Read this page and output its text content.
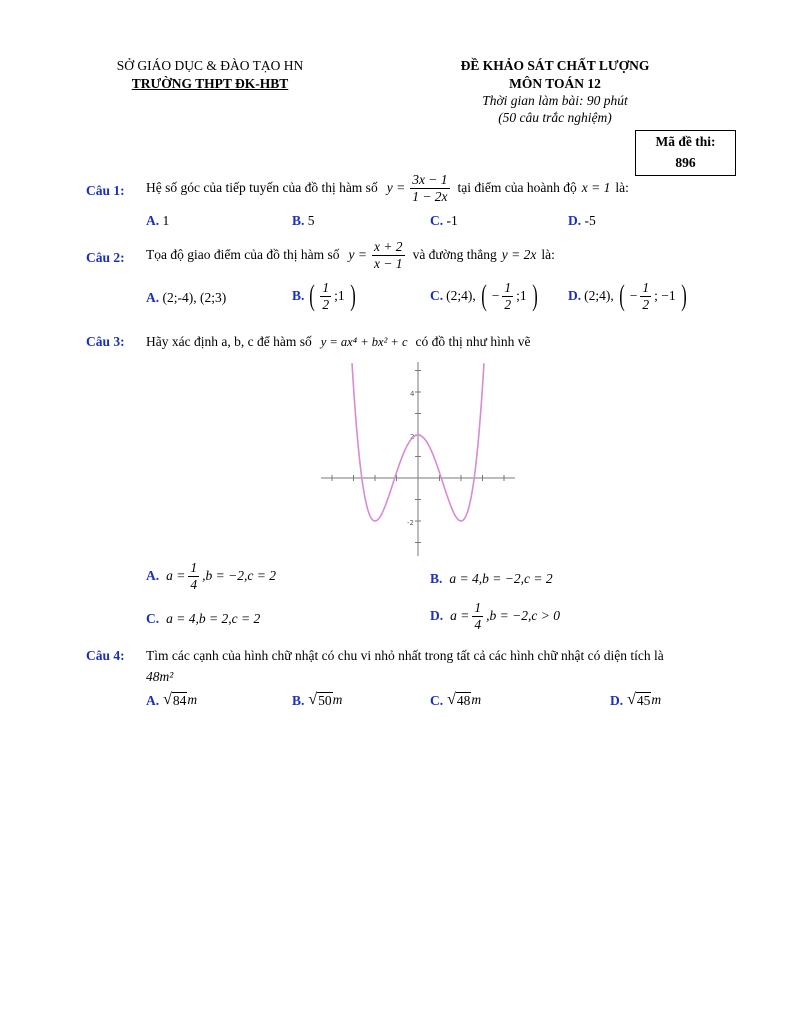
SỞ GIÁO DỤC & ĐÀO TẠO HN
TRƯỜNG THPT ĐK-HBT
ĐỀ KHẢO SÁT CHẤT LƯỢNG
MÔN TOÁN 12
Thời gian làm bài: 90 phút
(50 câu trắc nghiệm)
Mã đề thi:
896
Câu 1: Hệ số góc của tiếp tuyến của đồ thị hàm số $y = \frac{3x - 1}{1 - 2x}$ tại điểm của hoành độ x = 1 là:
A. 1	B. 5	C. -1	D. -5
Câu 2: Tọa độ giao điểm của đồ thị hàm số $y = \frac{x + 2}{x - 1}$ và đường thẳng y = 2x là:
A. (2;-4), (2;3)	B. ( $\frac{1}{2}$ ;1 )	C. (2;4), ( − $\frac{1}{2}$ ;1 ) D. (2;4), ( − $\frac{1}{2}$ ; −1 )
Câu 3: Hãy xác định a, b, c để hàm số y = ax⁴ + bx² + c có đồ thị như hình vẽ
4
2
-2
A. $a = \frac{1}{4} ,b = -2,c = 2$	B. a = 4,b = −2,c = 2
C. a = 4,b = 2,c = 2	D. $a = \frac{1}{4} ,b = -2,c > 0$
Câu 4: Tìm các cạnh của hình chữ nhật có chu vi nhỏ nhất trong tất cả các hình chữ nhật có diện tích là
48m²
A. √ 84 m	B. √ 50 m	C. √ 48 m	D. √ 45 m
